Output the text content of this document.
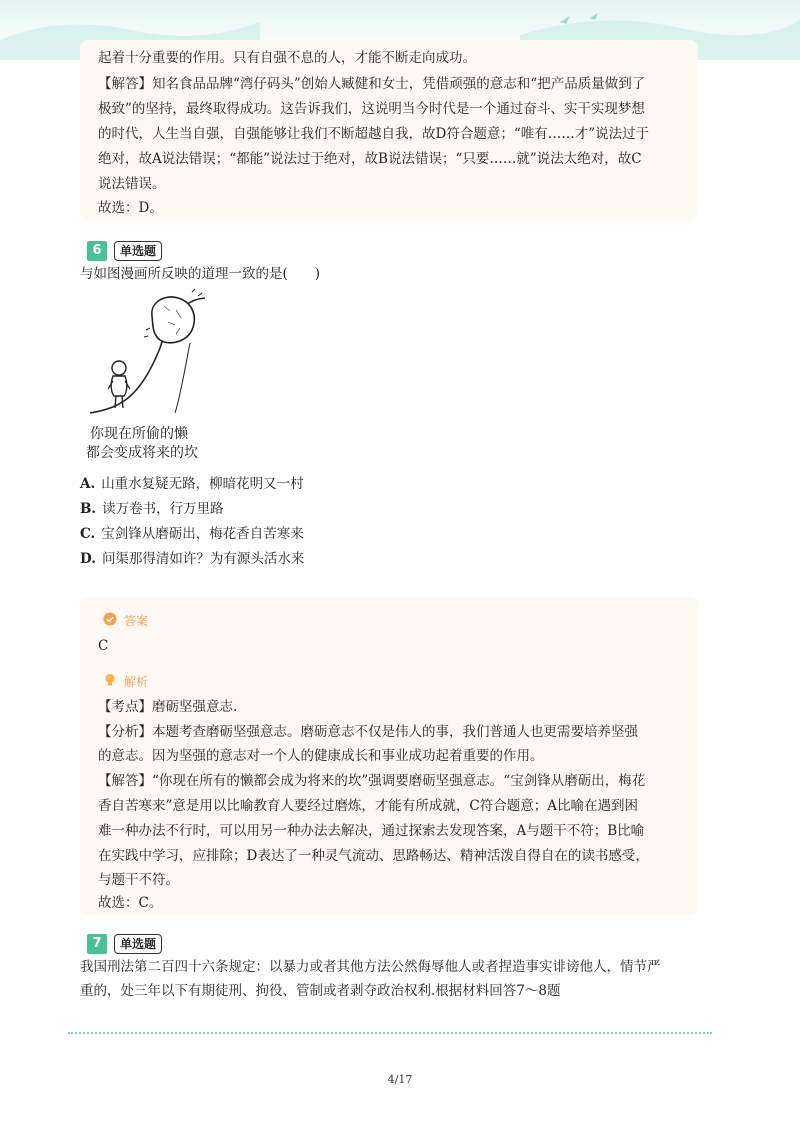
起着十分重要的作用。只有自强不息的人，才能不断走向成功。
【解答】知名食品品牌“湾仔码头”创始人臧健和女士，凭借顽强的意志和“把产品质量做到了
极致”的坚持，最终取得成功。这告诉我们，这说明当今时代是一个通过奋斗、实干实现梦想
的时代，人生当自强，自强能够让我们不断超越自我，故D符合题意；“唯有……才”说法过于
绝对，故A说法错误；“都能”说法过于绝对，故B说法错误；“只要……就”说法太绝对，故C
说法错误。
故选：D。
6	单选题
与如图漫画所反映的道理一致的是(　　)
你现在所偷的懒
都会变成将来的坎
A. 山重水复疑无路，柳暗花明又一村
B. 读万卷书，行万里路
C. 宝剑锋从磨砺出，梅花香自苦寒来
D. 问渠那得清如许？为有源头活水来
答案
C
解析
【考点】磨砺坚强意志.
【分析】本题考查磨砺坚强意志。磨砺意志不仅是伟人的事，我们普通人也更需要培养坚强
的意志。因为坚强的意志对一个人的健康成长和事业成功起着重要的作用。
【解答】“你现在所有的懒都会成为将来的坎”强调要磨砺坚强意志。“宝剑锋从磨砺出，梅花
香自苦寒来”意是用以比喻教育人要经过磨炼，才能有所成就，C符合题意；A比喻在遇到困
难一种办法不行时，可以用另一种办法去解决，通过探索去发现答案，A与题干不符；B比喻
在实践中学习，应排除；D表达了一种灵气流动、思路畅达、精神活泼自得自在的读书感受，
与题干不符。
故选：C。
7	单选题
我国刑法第二百四十六条规定：以暴力或者其他方法公然侮辱他人或者捏造事实诽谤他人，情节严
重的，处三年以下有期徒刑、拘役、管制或者剥夺政治权利.根据材料回答7～8题
4/17
